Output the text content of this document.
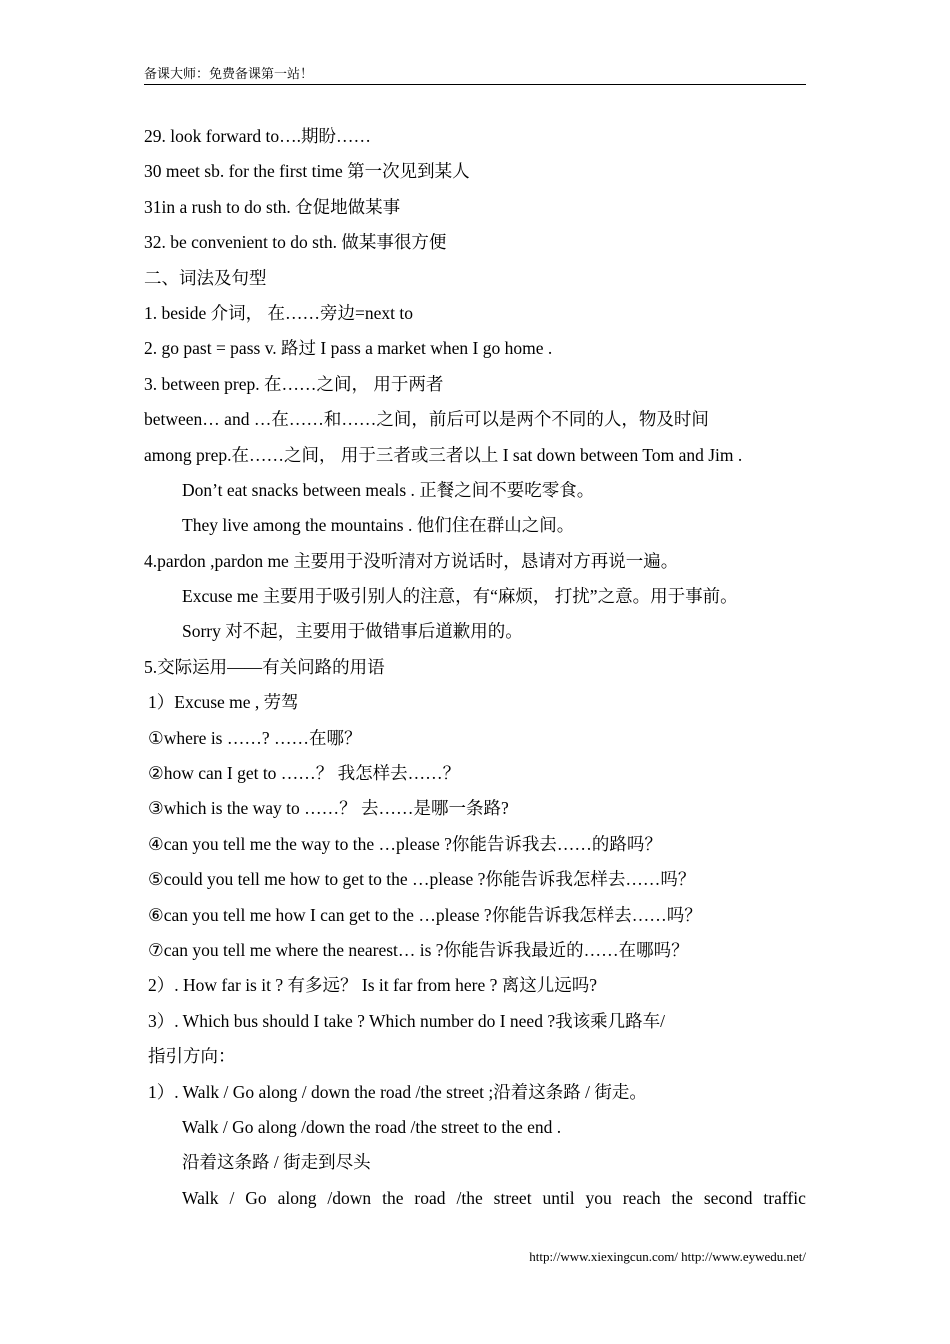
备课大师：免费备课第一站！
29. look forward to….期盼……
30 meet sb. for the first time 第一次见到某人
31in a rush to do sth. 仓促地做某事
32. be convenient to do sth. 做某事很方便
二、词法及句型
1. beside 介词， 在……旁边=next to
2. go past = pass v. 路过 I pass a market when I go home .
3. between prep. 在……之间， 用于两者
between… and …在……和……之间，前后可以是两个不同的人，物及时间
among prep.在……之间， 用于三者或三者以上 I sat down between Tom and Jim .
Don’t eat snacks between meals . 正餐之间不要吃零食。
They live among the mountains . 他们住在群山之间。
4.pardon ,pardon me 主要用于没听清对方说话时，恳请对方再说一遍。
Excuse me 主要用于吸引别人的注意，有“麻烦， 打扰”之意。用于事前。
Sorry 对不起，主要用于做错事后道歉用的。
5.交际运用——有关问路的用语
1）Excuse me , 劳驾
①where is ……? ……在哪？
②how can I get to ……？ 我怎样去……？
③which is the way to ……？ 去……是哪一条路?
④can you tell me the way to the …please ?你能告诉我去……的路吗？
⑤could you tell me how to get to the …please ?你能告诉我怎样去……吗？
⑥can you tell me how I can get to the …please ?你能告诉我怎样去……吗？
⑦can you tell me where the nearest… is ?你能告诉我最近的……在哪吗？
2）. How far is it ? 有多远？ Is it far from here ? 离这儿远吗?
3）. Which bus should I take ? Which number do I need ?我该乘几路车/
指引方向：
1）. Walk / Go along / down the road /the street ;沿着这条路 / 街走。
Walk / Go along /down the road /the street to the end .
沿着这条路 / 街走到尽头
Walk / Go along /down the road /the street until you reach the second traffic
http://www.xiexingcun.com/ http://www.eywedu.net/
